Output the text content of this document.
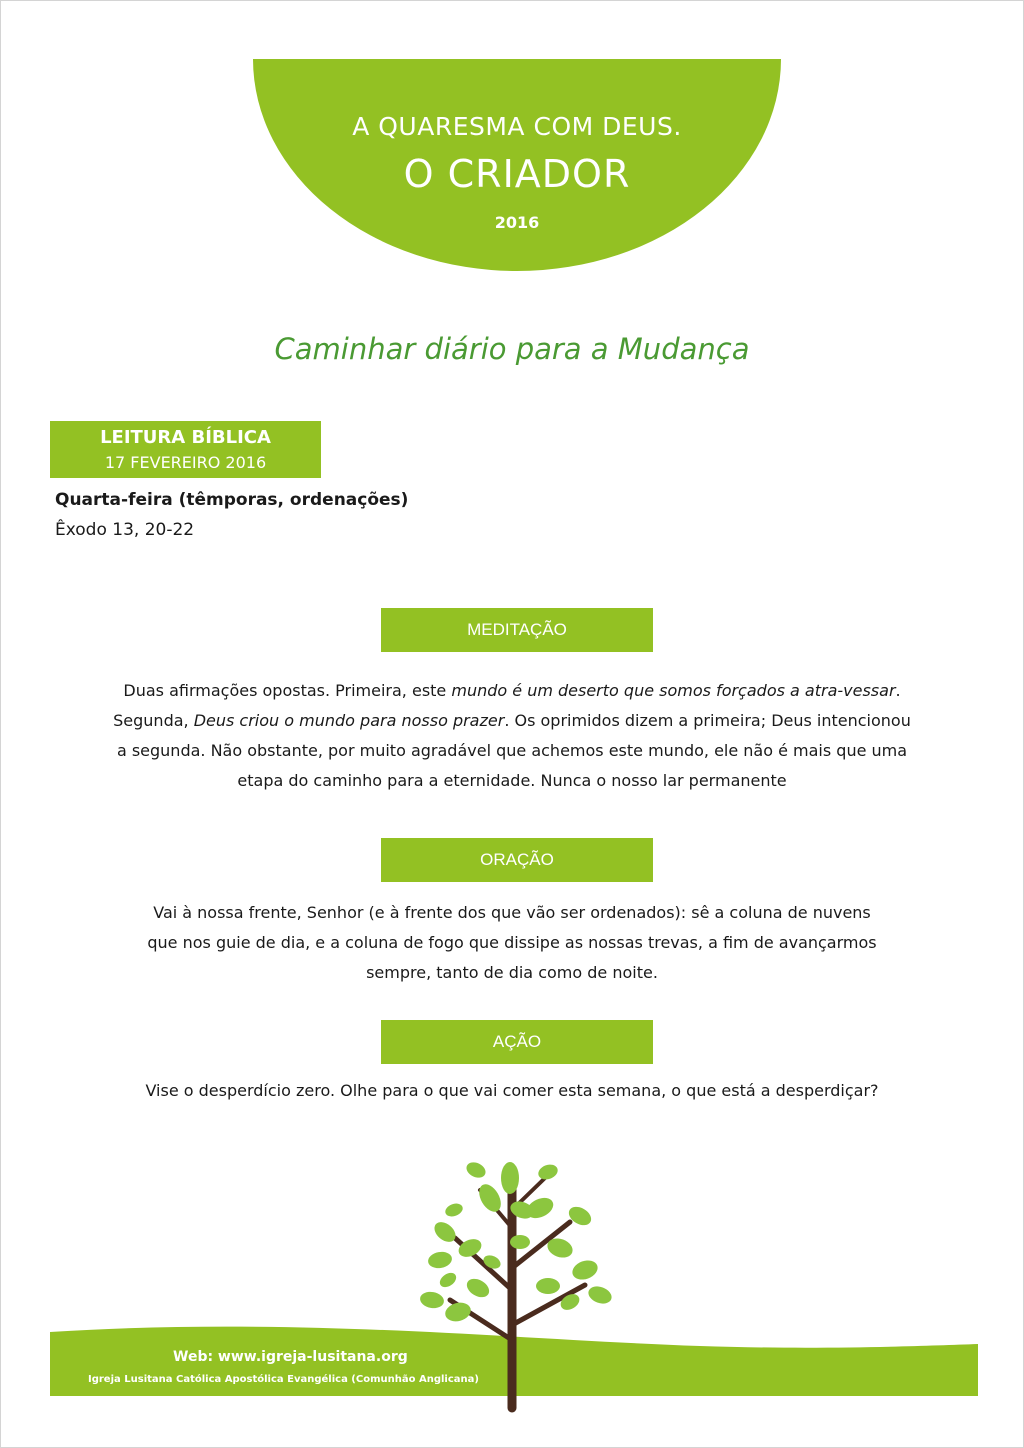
A QUARESMA COM DEUS.
O CRIADOR
2016
Caminhar diário para a Mudança
LEITURA BÍBLICA
17 FEVEREIRO 2016
Quarta-feira (têmporas, ordenações)
Êxodo 13, 20-22
MEDITAÇÃO
Duas afirmações opostas. Primeira, este mundo é um deserto que somos forçados a atra-vessar. Segunda, Deus criou o mundo para nosso prazer. Os oprimidos dizem a primeira; Deus intencionou a segunda. Não obstante, por muito agradável que achemos este mundo, ele não é mais que uma etapa do caminho para a eternidade. Nunca o nosso lar permanente
ORAÇÃO
Vai à nossa frente, Senhor (e à frente dos que vão ser ordenados): sê a coluna de nuvens que nos guie de dia, e a coluna de fogo que dissipe as nossas trevas, a fim de avançarmos sempre, tanto de dia como de noite.
AÇÃO
Vise o desperdício zero. Olhe para o que vai comer esta semana, o que está a desperdiçar?
Web: www.igreja-lusitana.org
Igreja Lusitana Católica Apostólica Evangélica (Comunhão Anglicana)
